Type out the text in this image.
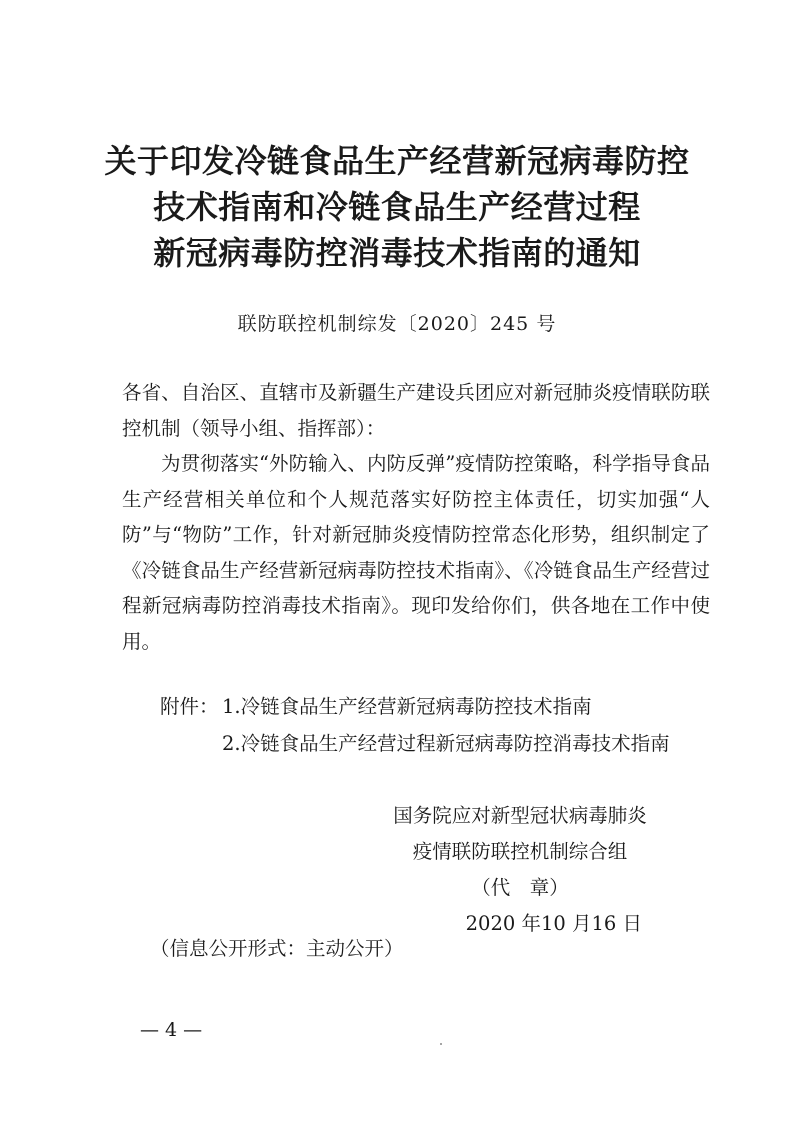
关于印发冷链食品生产经营新冠病毒防控

技术指南和冷链食品生产经营过程

新冠病毒防控消毒技术指南的通知

联防联控机制综发〔2020〕245 号

各省、自治区、直辖市及新疆生产建设兵团应对新冠肺炎疫情联防联控机制（领导小组、指挥部）：

为贯彻落实“外防输入、内防反弹”疫情防控策略，科学指导食品生产经营相关单位和个人规范落实好防控主体责任，切实加强“人防”与“物防”工作，针对新冠肺炎疫情防控常态化形势，组织制定了《冷链食品生产经营新冠病毒防控技术指南》、《冷链食品生产经营过程新冠病毒防控消毒技术指南》。现印发给你们，供各地在工作中使用。

附件： 1.冷链食品生产经营新冠病毒防控技术指南
2.冷链食品生产经营过程新冠病毒防控消毒技术指南
国务院应对新型冠状病毒肺炎
疫情联防联控机制综合组
（代　章）
2020 年10 月16 日
（信息公开形式：主动公开）
— 4 —
